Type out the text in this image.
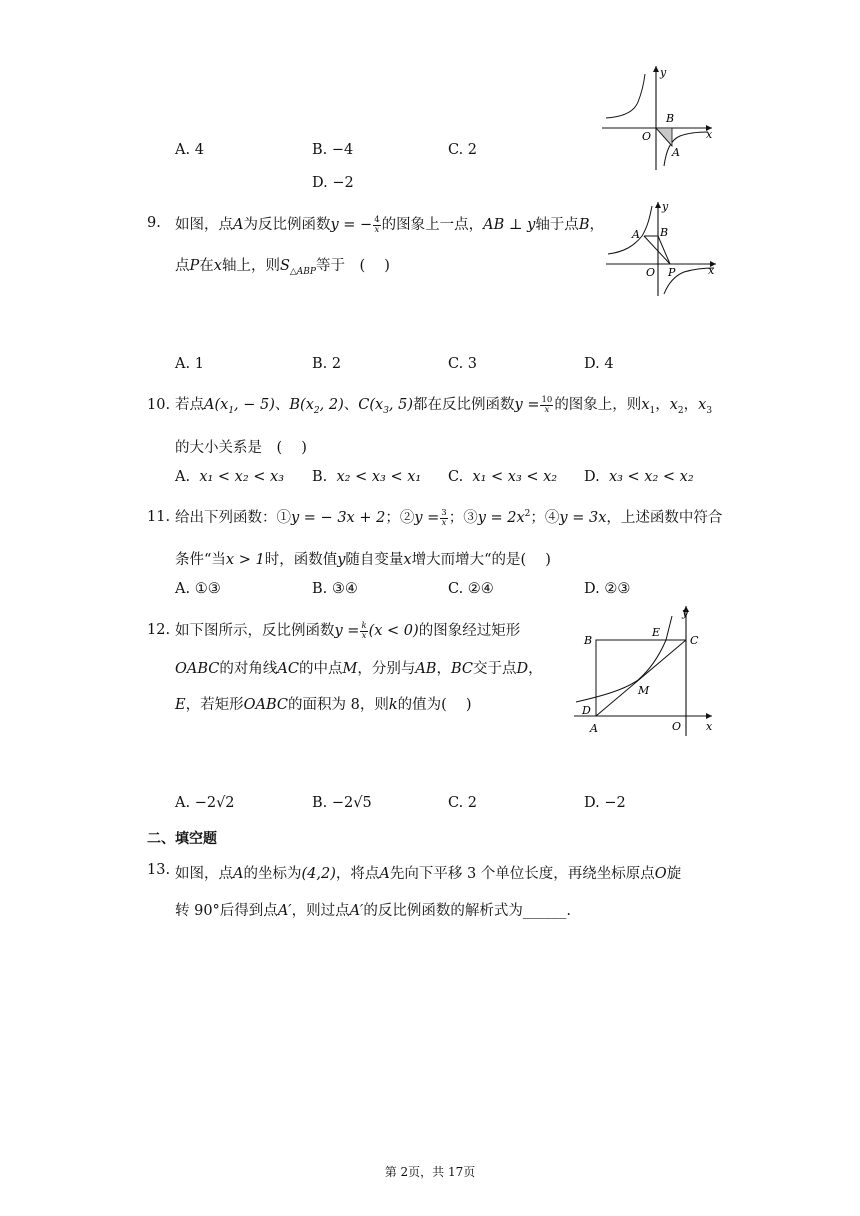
y
x
O
B
A
A. 4	B. −4	C. 2
D. −2
9. 如图，点A为反比例函数y = − $\frac{4}{x}$ 的图象上一点，AB ⊥ y轴于点B，
点P在x轴上，则$S_{\triangle ABP}$等于　(　 )
y
x
O
B
A
P
A. 1	B. 2	C. 3	D. 4
10. 若点$A(x_1$, − 5)、$B(x_2$, 2)、$C(x_3$, 5)都在反比例函数$y = \frac{10}{x}$ 的图象上，则$x_1$，$x_2$，$x_3$
的大小关系是　(　 )
A. x₁ < x₂ < x₃ B. x₂ < x₃ < x₁ C. x₁ < x₃ < x₂ D. x₃ < x₂ < x₂
11. 给出下列函数：①y = − 3x + 2；②y = $\frac{3}{x}$ ；③y = $2x^2$；④y = 3x，上述函数中符合
条件“当x > 1时，函数值y随自变量x增大而增大“的是(　 )
A. ①③	B. ③④	C. ②④	D. ②③
12. 如下图所示，反比例函数$y = \frac{k}{x} (x < 0)$的图象经过矩形
OABC的对角线AC的中点M，分别与AB，BC交于点D，
E，若矩形OABC的面积为 8，则k的值为(　 )
y
x
O
A
B	C
D
E
M
A. −2√2	B. −2√5	C. 2	D. −2
二、填空题
13. 如图，点A的坐标为(4,2)，将点A先向下平移 3 个单位长度，再绕坐标原点O旋
转 90°后得到点A′，则过点A′的反比例函数的解析式为______.
第 2页，共 17页
